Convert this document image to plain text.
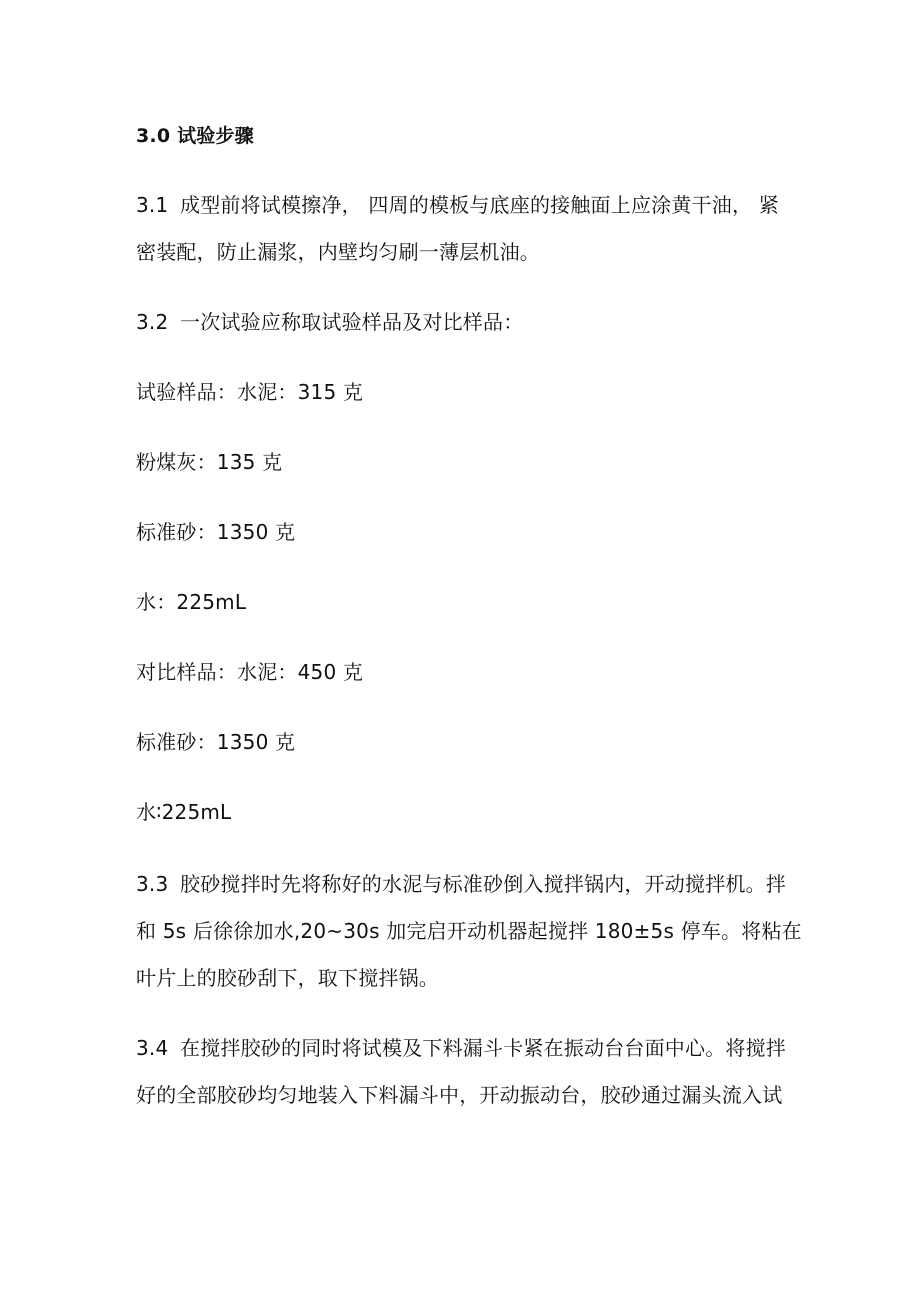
3.0 试验步骤
3.1 成型前将试模擦净， 四周的模板与底座的接触面上应涂黄干油， 紧
密装配，防止漏浆，内壁均匀刷一薄层机油。
3.2 一次试验应称取试验样品及对比样品：
试验样品：水泥：315 克
粉煤灰：135 克
标准砂：1350 克
水：225mL
对比样品：水泥：450 克
标准砂：1350 克
水∶225mL
3.3 胶砂搅拌时先将称好的水泥与标准砂倒入搅拌锅内，开动搅拌机。拌
和 5s 后徐徐加水,20~30s 加完启开动机器起搅拌 180±5s 停车。将粘在
叶片上的胶砂刮下，取下搅拌锅。
3.4 在搅拌胶砂的同时将试模及下料漏斗卡紧在振动台台面中心。将搅拌
好的全部胶砂均匀地装入下料漏斗中，开动振动台，胶砂通过漏头流入试
